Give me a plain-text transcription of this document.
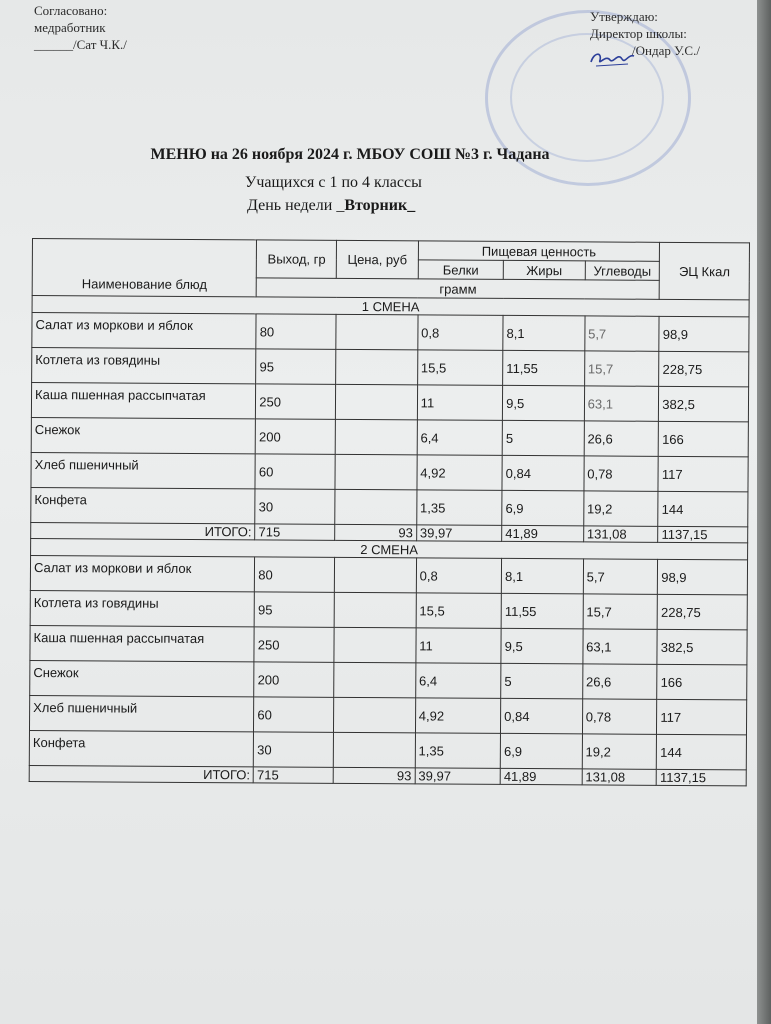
Согласовано:
медработник
______/Сат Ч.К./
Утверждаю:
Директор школы:
/Ондар У.С./
МЕНЮ на 26 ноября 2024 г. МБОУ СОШ №3 г. Чадана
Учащихся с 1 по 4 классы
День недели _Вторник_
Наименование блюд	Выход, гр	Цена, руб	Пищевая ценность			ЭЦ Ккал
			Белки	Жиры	Углеводы	
	грамм					
1 СМЕНА						
Салат из моркови и яблок	80		0,8	8,1	5,7	98,9
Котлета из говядины	95		15,5	11,55	15,7	228,75
Каша пшенная рассыпчатая	250		11	9,5	63,1	382,5
Снежок	200		6,4	5	26,6	166
Хлеб пшеничный	60		4,92	0,84	0,78	117
Конфета	30		1,35	6,9	19,2	144
ИТОГО:	715	93	39,97	41,89	131,08	1137,15
2 СМЕНА						
Салат из моркови и яблок	80		0,8	8,1	5,7	98,9
Котлета из говядины	95		15,5	11,55	15,7	228,75
Каша пшенная рассыпчатая	250		11	9,5	63,1	382,5
Снежок	200		6,4	5	26,6	166
Хлеб пшеничный	60		4,92	0,84	0,78	117
Конфета	30		1,35	6,9	19,2	144
ИТОГО:	715	93	39,97	41,89	131,08	1137,15
